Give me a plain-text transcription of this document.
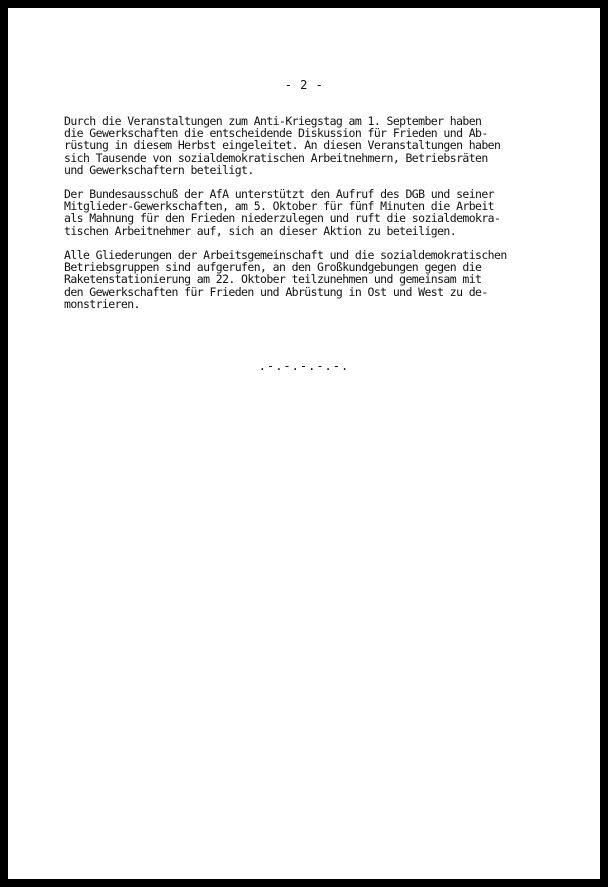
- 2 -

Durch die Veranstaltungen zum Anti-Kriegstag am 1. September haben
die Gewerkschaften die entscheidende Diskussion für Frieden und Ab-
rüstung in diesem Herbst eingeleitet. An diesen Veranstaltungen haben
sich Tausende von sozialdemokratischen Arbeitnehmern, Betriebsräten
und Gewerkschaftern beteiligt.

Der Bundesausschuß der AfA unterstützt den Aufruf des DGB und seiner
Mitglieder-Gewerkschaften, am 5. Oktober für fünf Minuten die Arbeit
als Mahnung für den Frieden niederzulegen und ruft die sozialdemokra-
tischen Arbeitnehmer auf, sich an dieser Aktion zu beteiligen.

Alle Gliederungen der Arbeitsgemeinschaft und die sozialdemokratischen
Betriebsgruppen sind aufgerufen, an den Großkundgebungen gegen die
Raketenstationierung am 22. Oktober teilzunehmen und gemeinsam mit
den Gewerkschaften für Frieden und Abrüstung in Ost und West zu de-
monstrieren.

.-.-.-.-.-.
